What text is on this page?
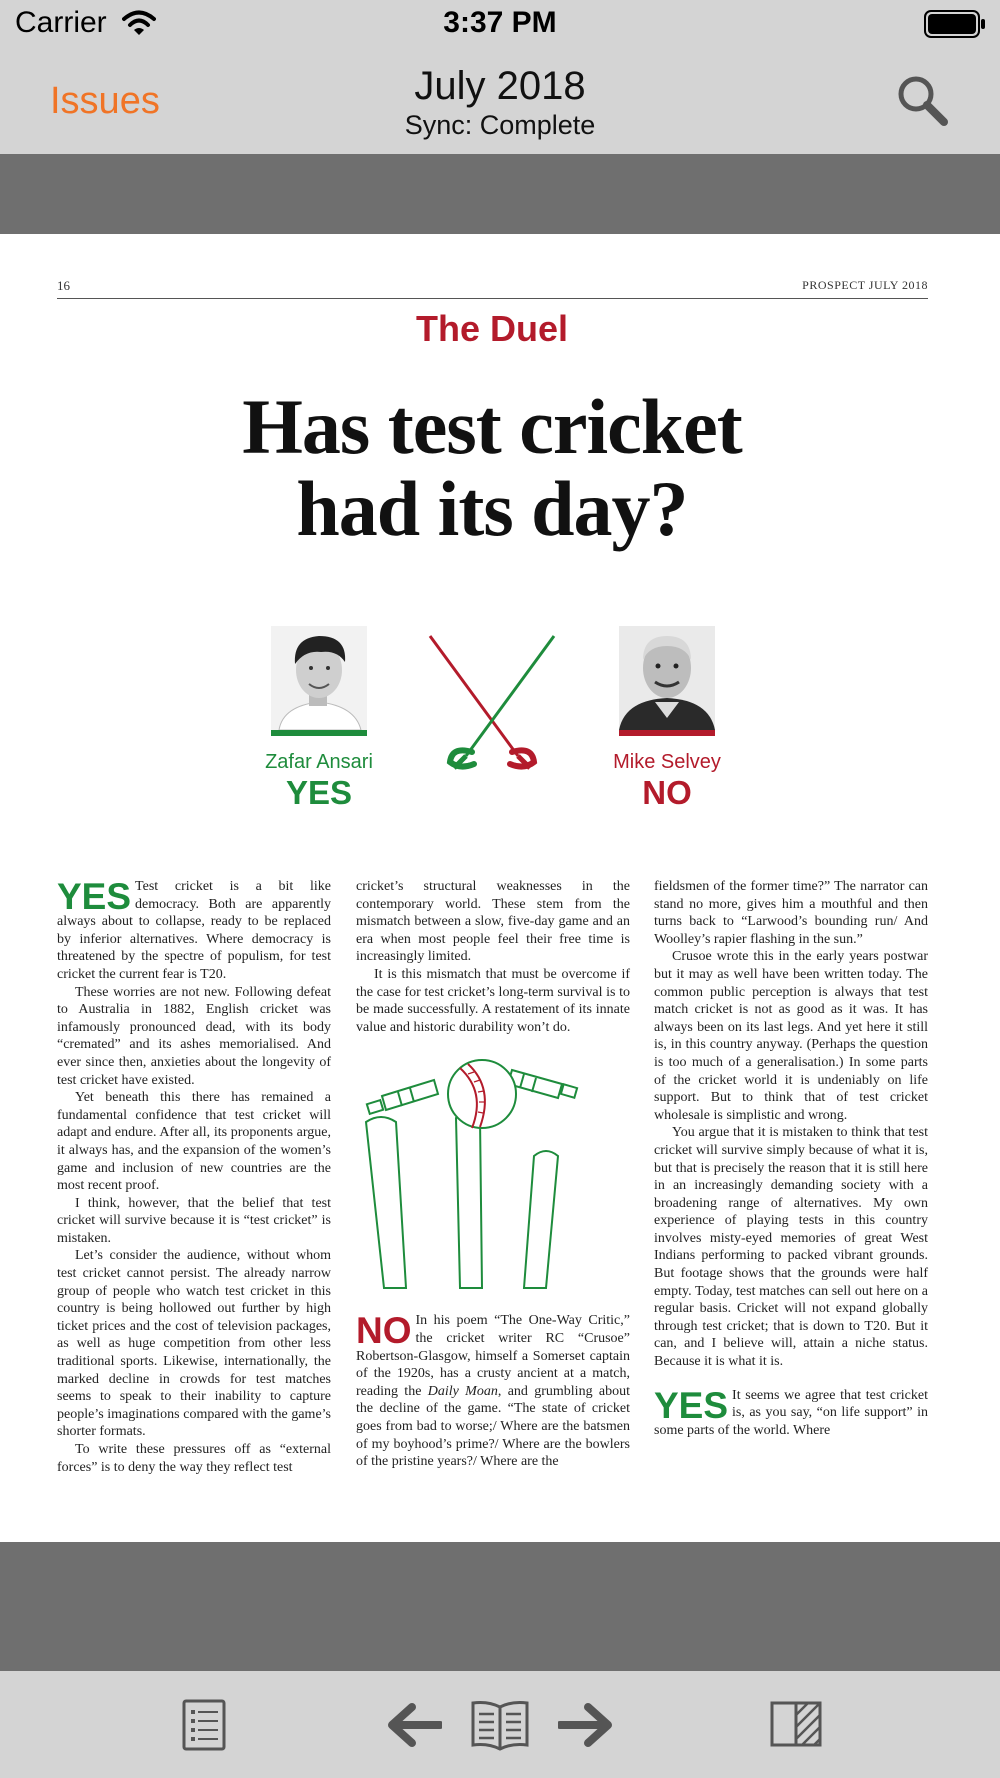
Carrier	3:37 PM
Issues	July 2018
Sync: Complete
16	PROSPECT JULY 2018
The Duel
Has test cricket
had its day?
Zafar Ansari
YES
Mike Selvey
NO

YES Test cricket is a bit like democracy. Both are apparently always about to collapse, ready to be replaced by inferior alternatives. Where democracy is threatened by the spectre of populism, for test cricket the current fear is T20.

These worries are not new. Following defeat to Australia in 1882, English cricket was infamously pronounced dead, with its body “cremated” and its ashes memorialised. And ever since then, anxieties about the longevity of test cricket have existed.

Yet beneath this there has remained a fundamental confidence that test cricket will adapt and endure. After all, its proponents argue, it always has, and the expansion of the women’s game and inclusion of new countries are the most recent proof.

I think, however, that the belief that test cricket will survive because it is “test cricket” is mistaken.

Let’s consider the audience, without whom test cricket cannot persist. The already narrow group of people who watch test cricket in this country is being hollowed out further by high ticket prices and the cost of television packages, as well as huge competition from other less traditional sports. Likewise, internationally, the marked decline in crowds for test matches seems to speak to their inability to capture people’s imaginations compared with the game’s shorter formats.

To write these pressures off as “external forces” is to deny the way they reflect test

cricket’s structural weaknesses in the contemporary world. These stem from the mismatch between a slow, five-day game and an era when most people feel their free time is increasingly limited.

It is this mismatch that must be overcome if the case for test cricket’s long-term survival is to be made successfully. A restatement of its innate value and historic durability won’t do.

NO In his poem “The One-Way Critic,” the cricket writer RC “Crusoe” Robertson-Glasgow, himself a Somerset captain of the 1920s, has a crusty ancient at a match, reading the Daily Moan, and grumbling about the decline of the game. “The state of cricket goes from bad to worse;/ Where are the batsmen of my boyhood’s prime?/ Where are the bowlers of the pristine years?/ Where are the

fieldsmen of the former time?” The narrator can stand no more, gives him a mouthful and then turns back to “Larwood’s bounding run/ And Woolley’s rapier flashing in the sun.”

Crusoe wrote this in the early years postwar but it may as well have been written today. The common public perception is always that test match cricket is not as good as it was. It has always been on its last legs. And yet here it still is, in this country anyway. (Perhaps the question is too much of a generalisation.) In some parts of the cricket world it is undeniably on life support. But to think that of test cricket wholesale is simplistic and wrong.

You argue that it is mistaken to think that test cricket will survive simply because of what it is, but that is precisely the reason that it is still here in an increasingly demanding society with a broadening range of alternatives. My own experience of playing tests in this country involves misty-eyed memories of great West Indians performing to packed vibrant grounds. But footage shows that the grounds were half empty. Today, test matches can sell out here on a regular basis. Cricket will not expand globally through test cricket; that is down to T20. But it can, and I believe will, attain a niche status. Because it is what it is.

YES It seems we agree that test cricket is, as you say, “on life support” in some parts of the world. Where
